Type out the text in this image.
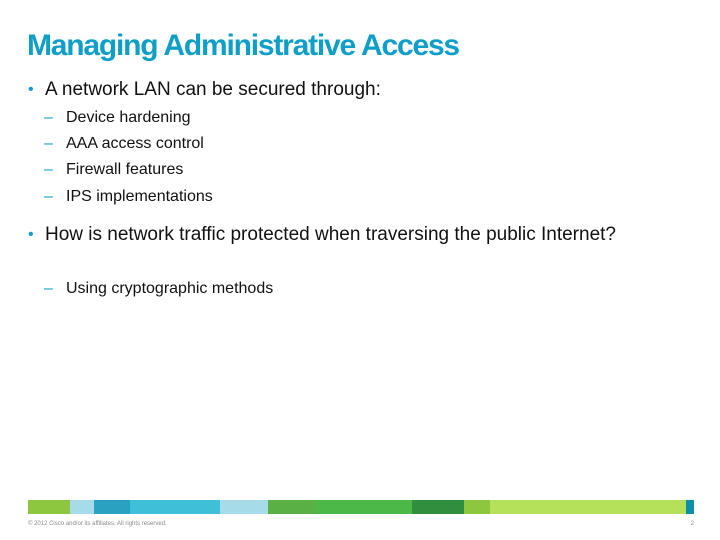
Managing Administrative Access
• A network LAN can be secured through:
– Device hardening
– AAA access control
– Firewall features
– IPS implementations
• How is network traffic protected when traversing the public Internet?
– Using cryptographic methods
© 2012 Cisco and/or its affiliates. All rights reserved.	2
